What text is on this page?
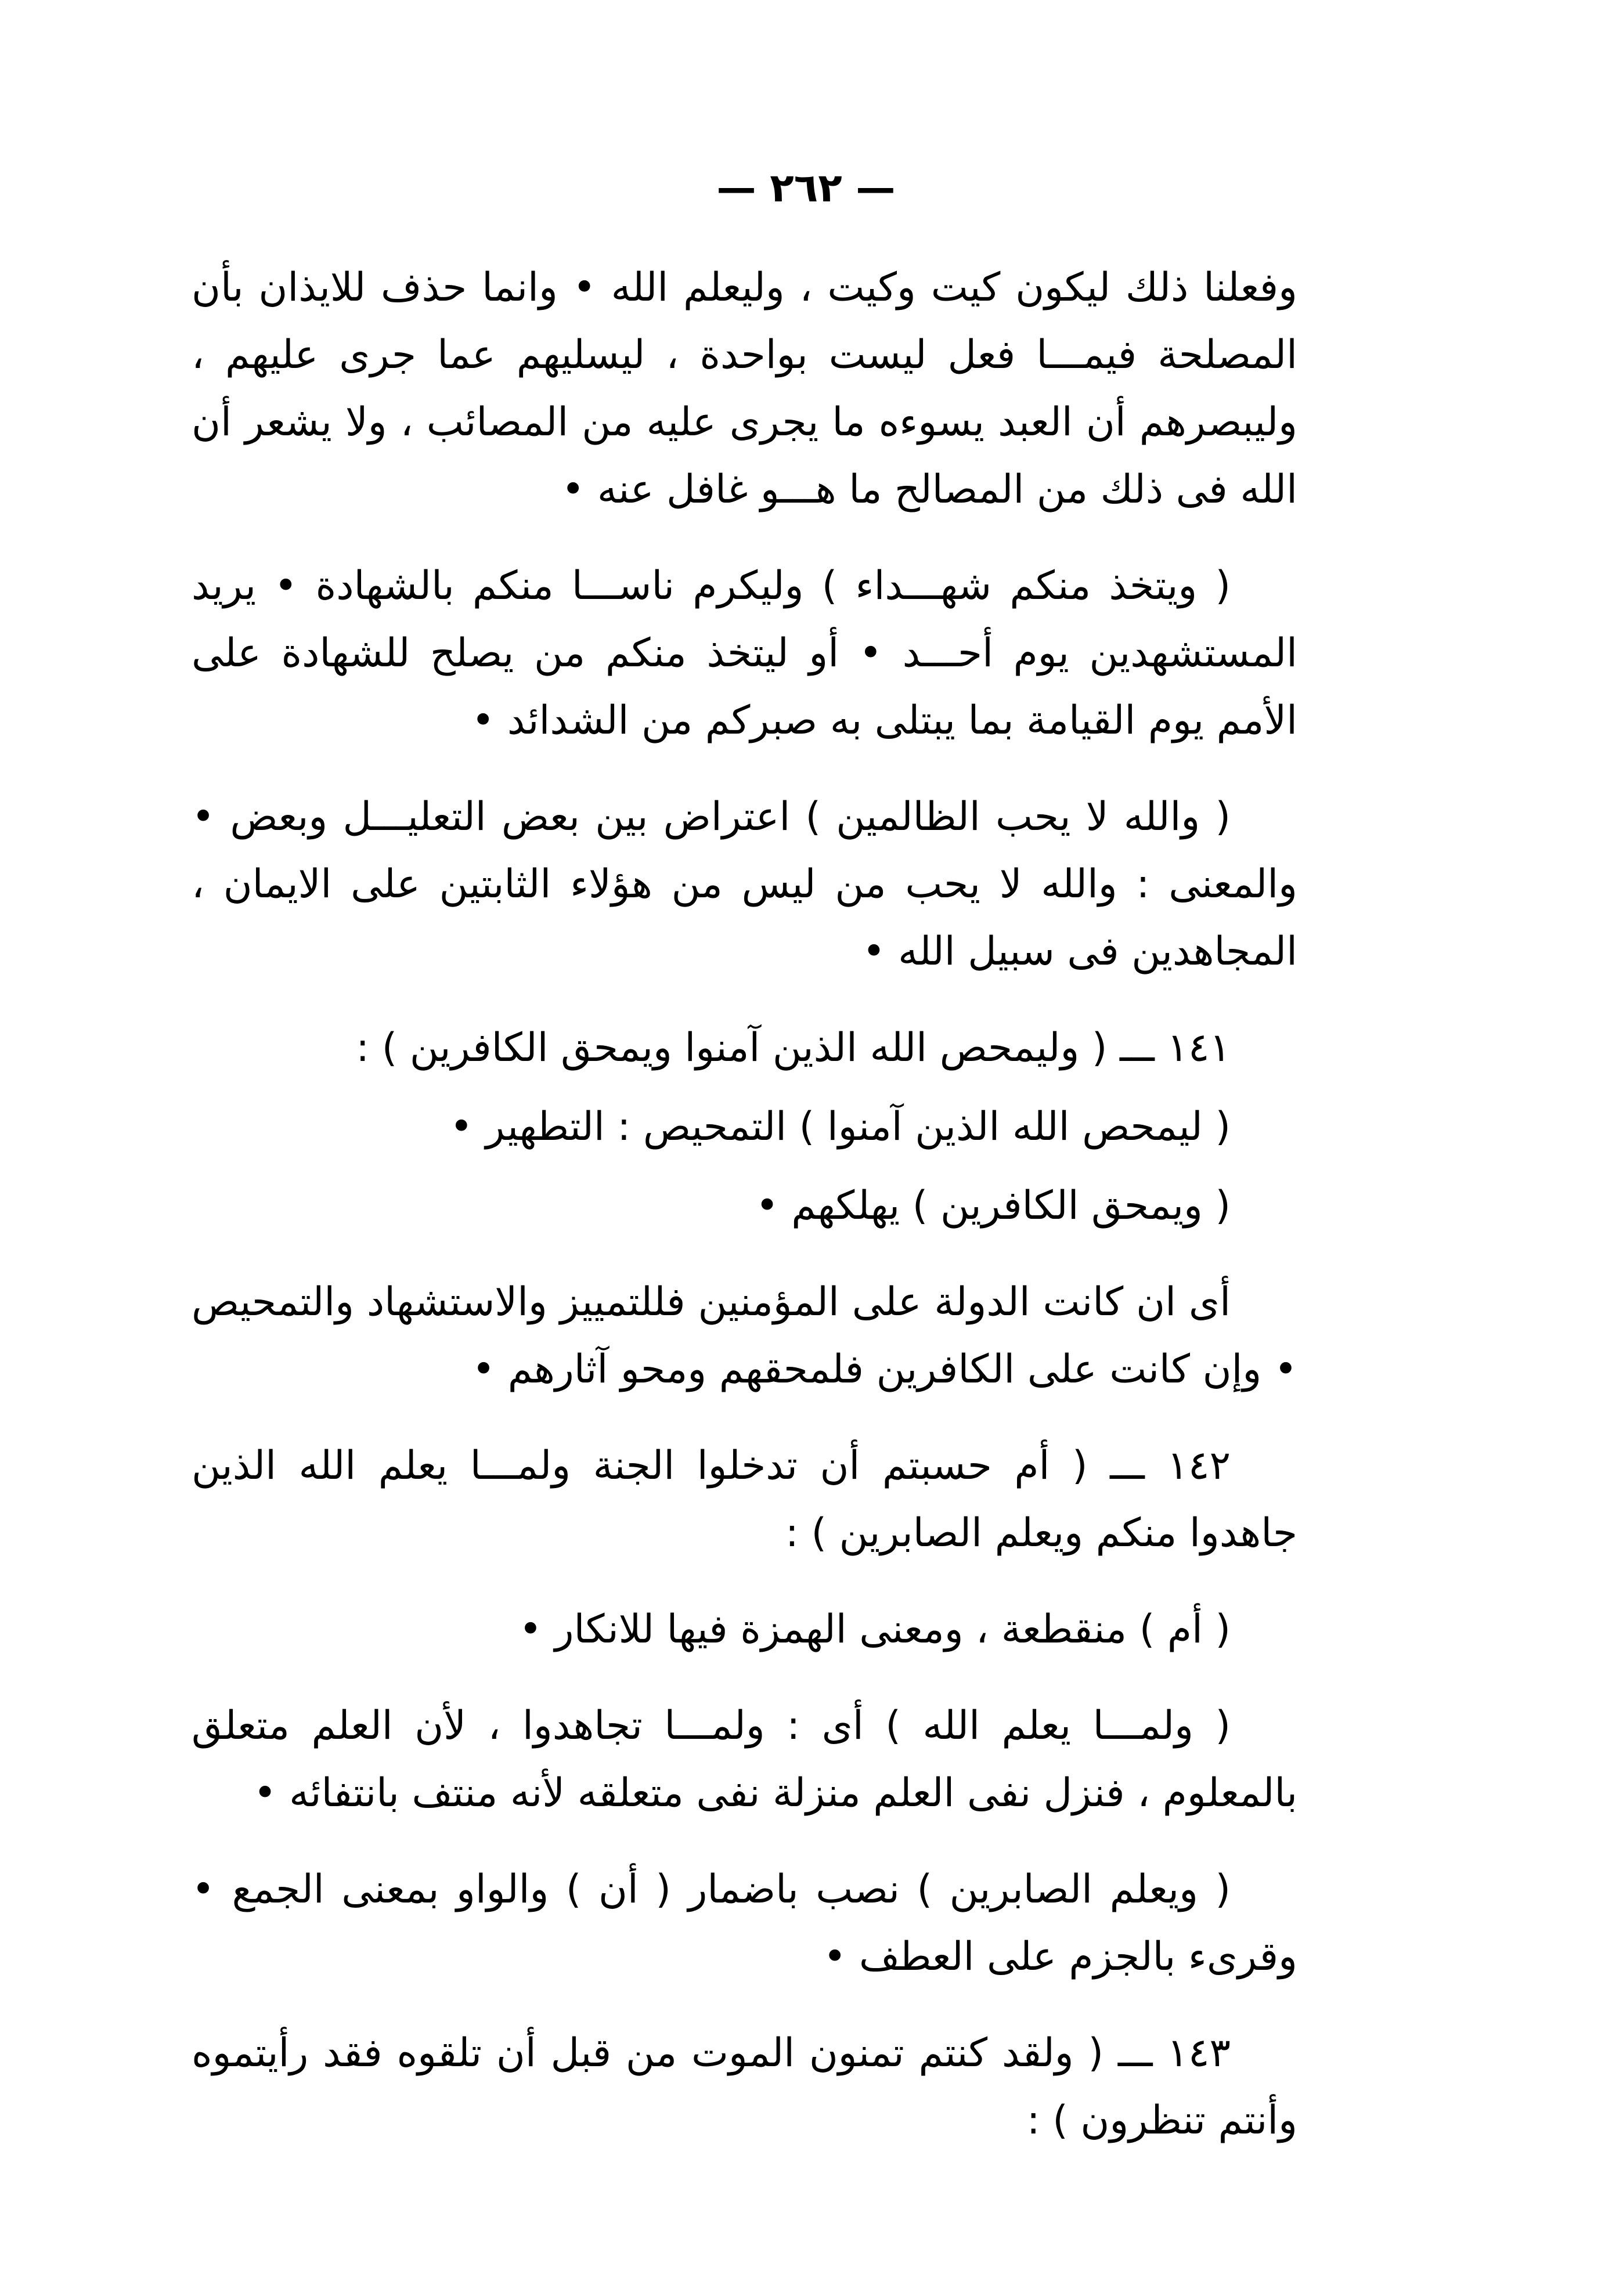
— ٢٦٢ —

وفعلنا ذلك ليكون كيت وكيت ، وليعلم الله • وانما حذف للايذان بأن المصلحة فيمـــا فعل ليست بواحدة ، ليسليهم عما جرى عليهم ، وليبصرهم أن العبد يسوءه ما يجرى عليه من المصائب ، ولا يشعر أن الله فى ذلك من المصالح ما هـــو غافل عنه •

( ويتخذ منكم شهـــداء ) وليكرم ناســـا منكم بالشهادة • يريد المستشهدين يوم أحـــد • أو ليتخذ منكم من يصلح للشهادة على الأمم يوم القيامة بما يبتلى به صبركم من الشدائد •

( والله لا يحب الظالمين ) اعتراض بين بعض التعليـــل وبعض • والمعنى : والله لا يحب من ليس من هؤلاء الثابتين على الايمان ، المجاهدين فى سبيل الله •

١٤١ ـــ ( وليمحص الله الذين آمنوا ويمحق الكافرين ) :

( ليمحص الله الذين آمنوا ) التمحيص : التطهير •

( ويمحق الكافرين ) يهلكهم •

أى ان كانت الدولة على المؤمنين فللتمييز والاستشهاد والتمحيص • وإن كانت على الكافرين فلمحقهم ومحو آثارهم •

١٤٢ ـــ ( أم حسبتم أن تدخلوا الجنة ولمـــا يعلم الله الذين جاهدوا منكم ويعلم الصابرين ) :

( أم ) منقطعة ، ومعنى الهمزة فيها للانكار •

( ولمـــا يعلم الله ) أى : ولمـــا تجاهدوا ، لأن العلم متعلق بالمعلوم ، فنزل نفى العلم منزلة نفى متعلقه لأنه منتف بانتفائه •

( ويعلم الصابرين ) نصب باضمار ( أن ) والواو بمعنى الجمع • وقرىء بالجزم على العطف •

١٤٣ ـــ ( ولقد كنتم تمنون الموت من قبل أن تلقوه فقد رأيتموه وأنتم تنظرون ) :
